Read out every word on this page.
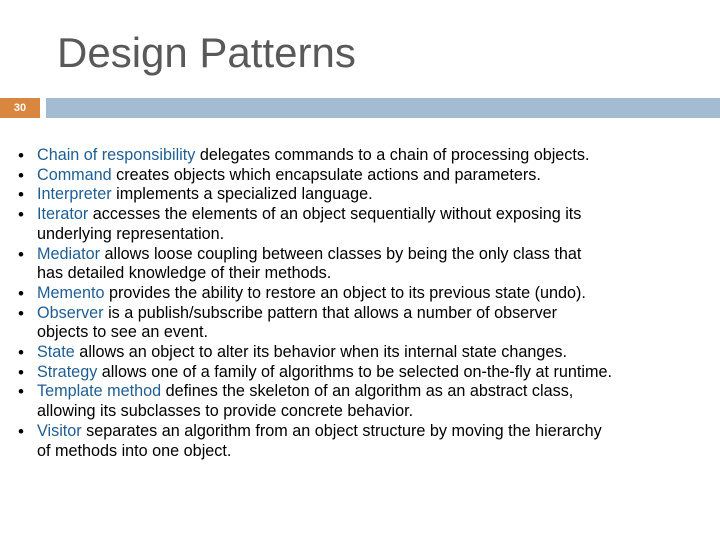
Design Patterns
30
• Chain of responsibility delegates commands to a chain of processing objects.
• Command creates objects which encapsulate actions and parameters.
• Interpreter implements a specialized language.
• Iterator accesses the elements of an object sequentially without exposing its
underlying representation.
• Mediator allows loose coupling between classes by being the only class that
has detailed knowledge of their methods.
• Memento provides the ability to restore an object to its previous state (undo).
• Observer is a publish/subscribe pattern that allows a number of observer
objects to see an event.
• State allows an object to alter its behavior when its internal state changes.
• Strategy allows one of a family of algorithms to be selected on-the-fly at runtime.
• Template method defines the skeleton of an algorithm as an abstract class,
allowing its subclasses to provide concrete behavior.
• Visitor separates an algorithm from an object structure by moving the hierarchy
of methods into one object.
